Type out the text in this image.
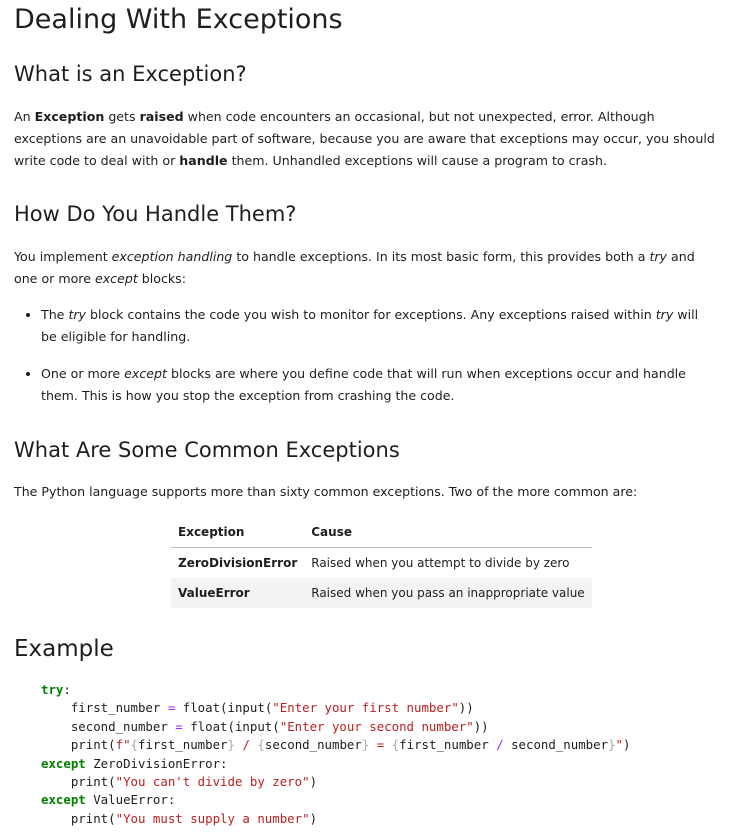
Dealing With Exceptions
What is an Exception?

An Exception gets raised when code encounters an occasional, but not unexpected, error. Although exceptions are an unavoidable part of software, because you are aware that exceptions may occur, you should write code to deal with or handle them. Unhandled exceptions will cause a program to crash.

How Do You Handle Them?

You implement exception handling to handle exceptions. In its most basic form, this provides both a try and one or more except blocks:

• The try block contains the code you wish to monitor for exceptions. Any exceptions raised within try will be eligible for handling.
• One or more except blocks are where you define code that will run when exceptions occur and handle them. This is how you stop the exception from crashing the code.
What Are Some Common Exceptions

The Python language supports more than sixty common exceptions. Two of the more common are:

Exception	Cause
ZeroDivisionError	Raised when you attempt to divide by zero
ValueError	Raised when you pass an inappropriate value
Example
try:
first_number = float(input("Enter your first number"))
second_number = float(input("Enter your second number"))
print(f"{first_number} / {second_number} = {first_number / second_number}")
except ZeroDivisionError:
print("You can't divide by zero")
except ValueError:
print("You must supply a number")
